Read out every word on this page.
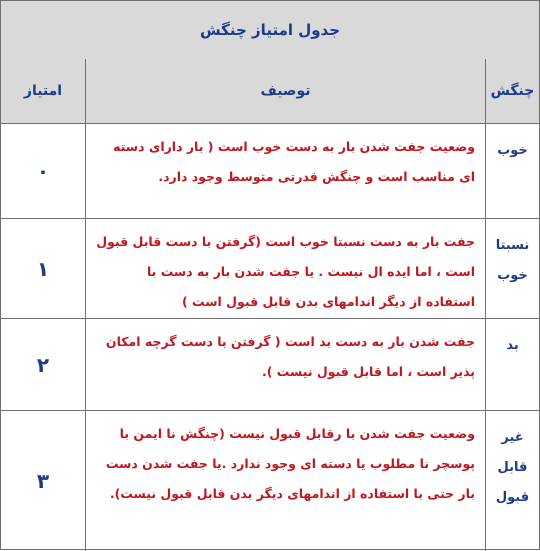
جدول امتیاز چنگش
چنگش
توصیف
امتیاز
خوب
وضعیت جفت شدن بار به دست خوب است ( بار دارای دسته ای مناسب است و چنگش قدرتی متوسط وجود دارد.
۰
نسبتا خوب
جفت بار به دست نسبتا خوب است (گرفتن با دست قابل قبول است ، اما ایده ال نیست . یا جفت شدن بار به دست با استفاده از دیگر اندامهای بدن قابل قبول است )
۱
بد
جفت شدن بار به دست بد است ( گرفتن با دست گرچه امکان پذیر است ، اما قابل قبول نیست ).
۲
غیر قابل قبول
وضعیت جفت شدن با رقابل قبول نیست (چنگش نا ایمن با پوسچر نا مطلوب یا دسته ای وجود ندارد .یا جفت شدن دست بار حتی با استفاده از اندامهای دیگر بدن قابل قبول نیست).
۳
